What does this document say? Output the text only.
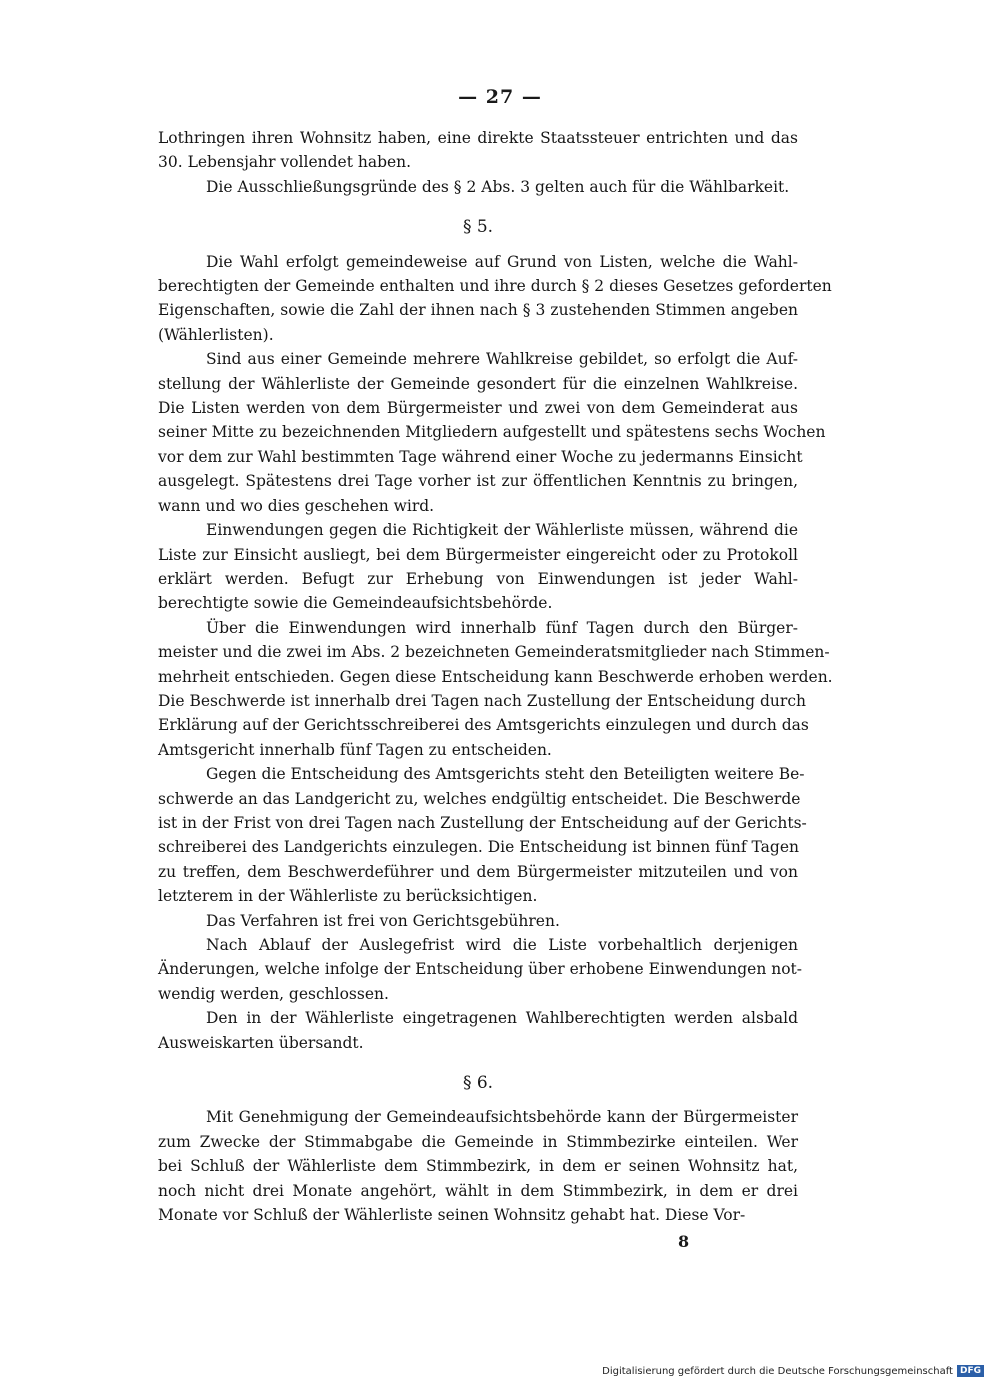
— 27 —
Lothringen ihren Wohnsitz haben, eine direkte Staatssteuer entrichten und das
30. Lebensjahr vollendet haben.
Die Ausschließungsgründe des § 2 Abs. 3 gelten auch für die Wählbarkeit.
§ 5.
Die Wahl erfolgt gemeindeweise auf Grund von Listen, welche die Wahl-
berechtigten der Gemeinde enthalten und ihre durch § 2 dieses Gesetzes geforderten
Eigenschaften, sowie die Zahl der ihnen nach § 3 zustehenden Stimmen angeben
(Wählerlisten).
Sind aus einer Gemeinde mehrere Wahlkreise gebildet, so erfolgt die Auf-
stellung der Wählerliste der Gemeinde gesondert für die einzelnen Wahlkreise.
Die Listen werden von dem Bürgermeister und zwei von dem Gemeinderat aus
seiner Mitte zu bezeichnenden Mitgliedern aufgestellt und spätestens sechs Wochen
vor dem zur Wahl bestimmten Tage während einer Woche zu jedermanns Einsicht
ausgelegt. Spätestens drei Tage vorher ist zur öffentlichen Kenntnis zu bringen,
wann und wo dies geschehen wird.
Einwendungen gegen die Richtigkeit der Wählerliste müssen, während die
Liste zur Einsicht ausliegt, bei dem Bürgermeister eingereicht oder zu Protokoll
erklärt werden. Befugt zur Erhebung von Einwendungen ist jeder Wahl-
berechtigte sowie die Gemeindeaufsichtsbehörde.
Über die Einwendungen wird innerhalb fünf Tagen durch den Bürger-
meister und die zwei im Abs. 2 bezeichneten Gemeinderatsmitglieder nach Stimmen-
mehrheit entschieden. Gegen diese Entscheidung kann Beschwerde erhoben werden.
Die Beschwerde ist innerhalb drei Tagen nach Zustellung der Entscheidung durch
Erklärung auf der Gerichtsschreiberei des Amtsgerichts einzulegen und durch das
Amtsgericht innerhalb fünf Tagen zu entscheiden.
Gegen die Entscheidung des Amtsgerichts steht den Beteiligten weitere Be-
schwerde an das Landgericht zu, welches endgültig entscheidet. Die Beschwerde
ist in der Frist von drei Tagen nach Zustellung der Entscheidung auf der Gerichts-
schreiberei des Landgerichts einzulegen. Die Entscheidung ist binnen fünf Tagen
zu treffen, dem Beschwerdeführer und dem Bürgermeister mitzuteilen und von
letzterem in der Wählerliste zu berücksichtigen.
Das Verfahren ist frei von Gerichtsgebühren.
Nach Ablauf der Auslegefrist wird die Liste vorbehaltlich derjenigen
Änderungen, welche infolge der Entscheidung über erhobene Einwendungen not-
wendig werden, geschlossen.
Den in der Wählerliste eingetragenen Wahlberechtigten werden alsbald
Ausweiskarten übersandt.
§ 6.
Mit Genehmigung der Gemeindeaufsichtsbehörde kann der Bürgermeister
zum Zwecke der Stimmabgabe die Gemeinde in Stimmbezirke einteilen. Wer
bei Schluß der Wählerliste dem Stimmbezirk, in dem er seinen Wohnsitz hat,
noch nicht drei Monate angehört, wählt in dem Stimmbezirk, in dem er drei
Monate vor Schluß der Wählerliste seinen Wohnsitz gehabt hat. Diese Vor-
8
Digitalisierung gefördert durch die Deutsche Forschungsgemeinschaft DFG
